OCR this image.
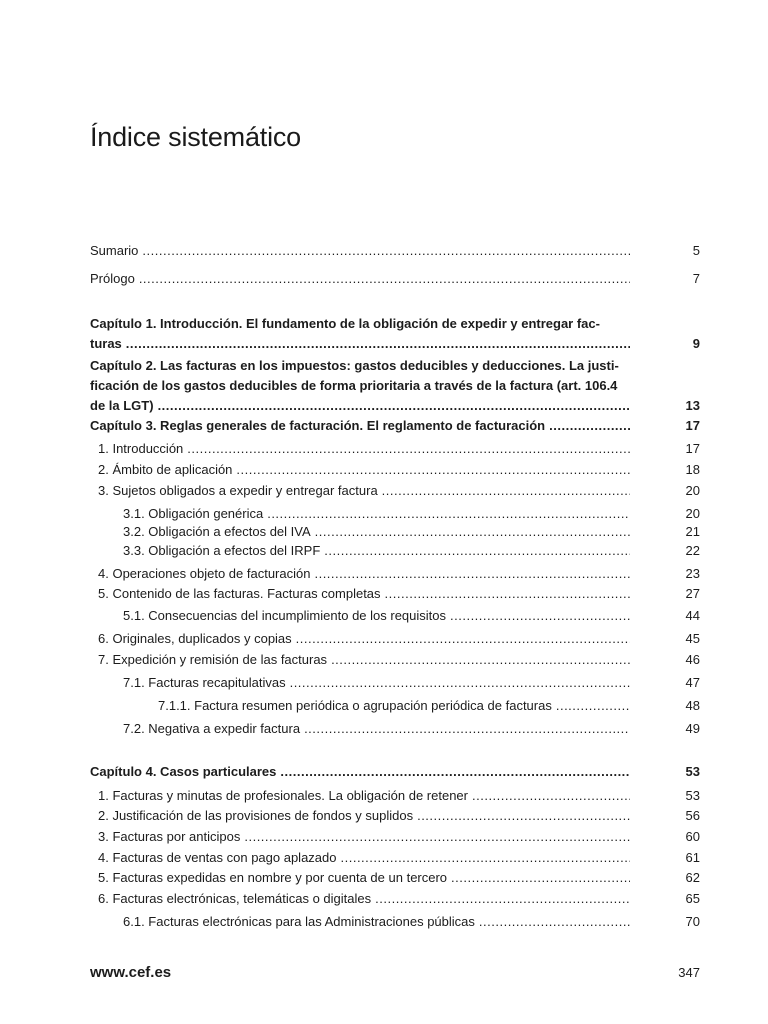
Índice sistemático
Sumario .....	5
Prólogo .....	7
Capítulo 1. Introducción. El fundamento de la obligación de expedir y entregar fac-
turas .....	9
Capítulo 2. Las facturas en los impuestos: gastos deducibles y deducciones. La justi-
ficación de los gastos deducibles de forma prioritaria a través de la factura (art. 106.4
de la LGT) .....	13
Capítulo 3. Reglas generales de facturación. El reglamento de facturación .....	17
1. Introducción .....	17
2. Ámbito de aplicación .....	18
3. Sujetos obligados a expedir y entregar factura .....	20
3.1. Obligación genérica .....	20
3.2. Obligación a efectos del IVA .....	21
3.3. Obligación a efectos del IRPF .....	22
4. Operaciones objeto de facturación .....	23
5. Contenido de las facturas. Facturas completas .....	27
5.1. Consecuencias del incumplimiento de los requisitos .....	44
6. Originales, duplicados y copias .....	45
7. Expedición y remisión de las facturas .....	46
7.1. Facturas recapitulativas .....	47
7.1.1. Factura resumen periódica o agrupación periódica de facturas .....	48
7.2. Negativa a expedir factura .....	49
Capítulo 4. Casos particulares .....	53
1. Facturas y minutas de profesionales. La obligación de retener .....	53
2. Justificación de las provisiones de fondos y suplidos .....	56
3. Facturas por anticipos .....	60
4. Facturas de ventas con pago aplazado .....	61
5. Facturas expedidas en nombre y por cuenta de un tercero .....	62
6. Facturas electrónicas, telemáticas o digitales .....	65
6.1. Facturas electrónicas para las Administraciones públicas .....	70

www.cef.es	347
